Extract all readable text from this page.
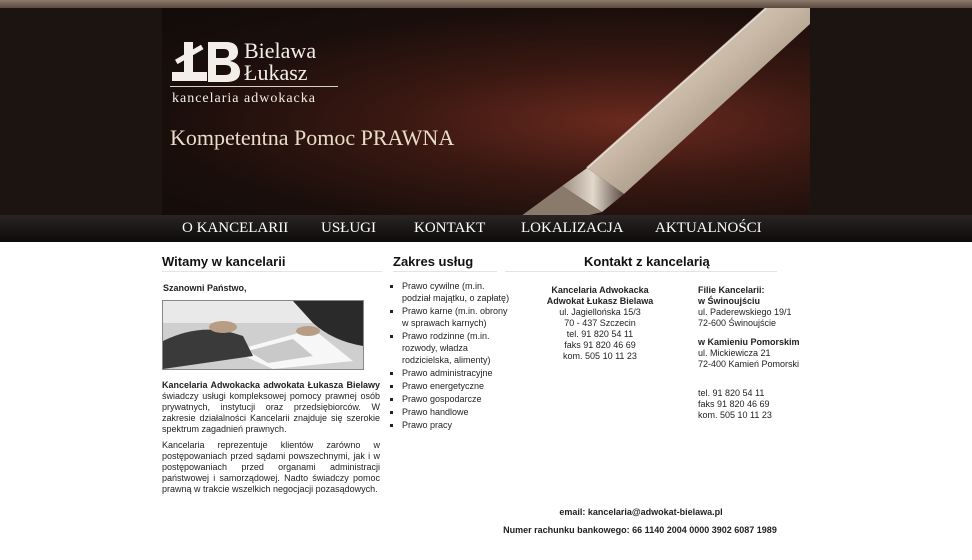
Bielawa
Łukasz
kancelaria adwokacka
Kompetentna Pomoc PRAWNA
O KANCELARII USŁUGI	KONTAKT LOKALIZACJA AKTUALNOŚCI
Witamy w kancelarii
Szanowni Państwo,
Kancelaria Adwokacka adwokata Łukasza Bielawy świadczy usługi kompleksowej pomocy prawnej osób prywatnych, instytucji oraz przedsiębiorców. W zakresie działalności Kancelarii znajduje się szerokie spektrum zagadnień prawnych.
Kancelaria reprezentuje klientów zarówno w postępowaniach przed sądami powszechnymi, jak i w postępowaniach przed organami administracji państwowej i samorządowej. Nadto świadczy pomoc prawną w trakcie wszelkich negocjacji pozasądowych.
Zakres usług
▪ Prawo cywilne (m.in. podział majątku, o zapłatę)
▪ Prawo karne (m.in. obrony w sprawach karnych)
▪ Prawo rodzinne (m.in. rozwody, władza rodzicielska, alimenty)
▪ Prawo administracyjne
▪ Prawo energetyczne
▪ Prawo gospodarcze
▪ Prawo handlowe
▪ Prawo pracy
Kontakt z kancelarią
Kancelaria Adwokacka
Adwokat Łukasz Bielawa
ul. Jagiellońska 15/3
70 - 437 Szczecin
tel. 91 820 54 11
faks 91 820 46 69
kom. 505 10 11 23
Filie Kancelarii:
w Świnoujściu
ul. Paderewskiego 19/1
72-600 Świnoujście
w Kamieniu Pomorskim
ul. Mickiewicza 21
72-400 Kamień Pomorski
tel. 91 820 54 11
faks 91 820 46 69
kom. 505 10 11 23
email: kancelaria@adwokat-bielawa.pl
Numer rachunku bankowego: 66 1140 2004 0000 3902 6087 1989
